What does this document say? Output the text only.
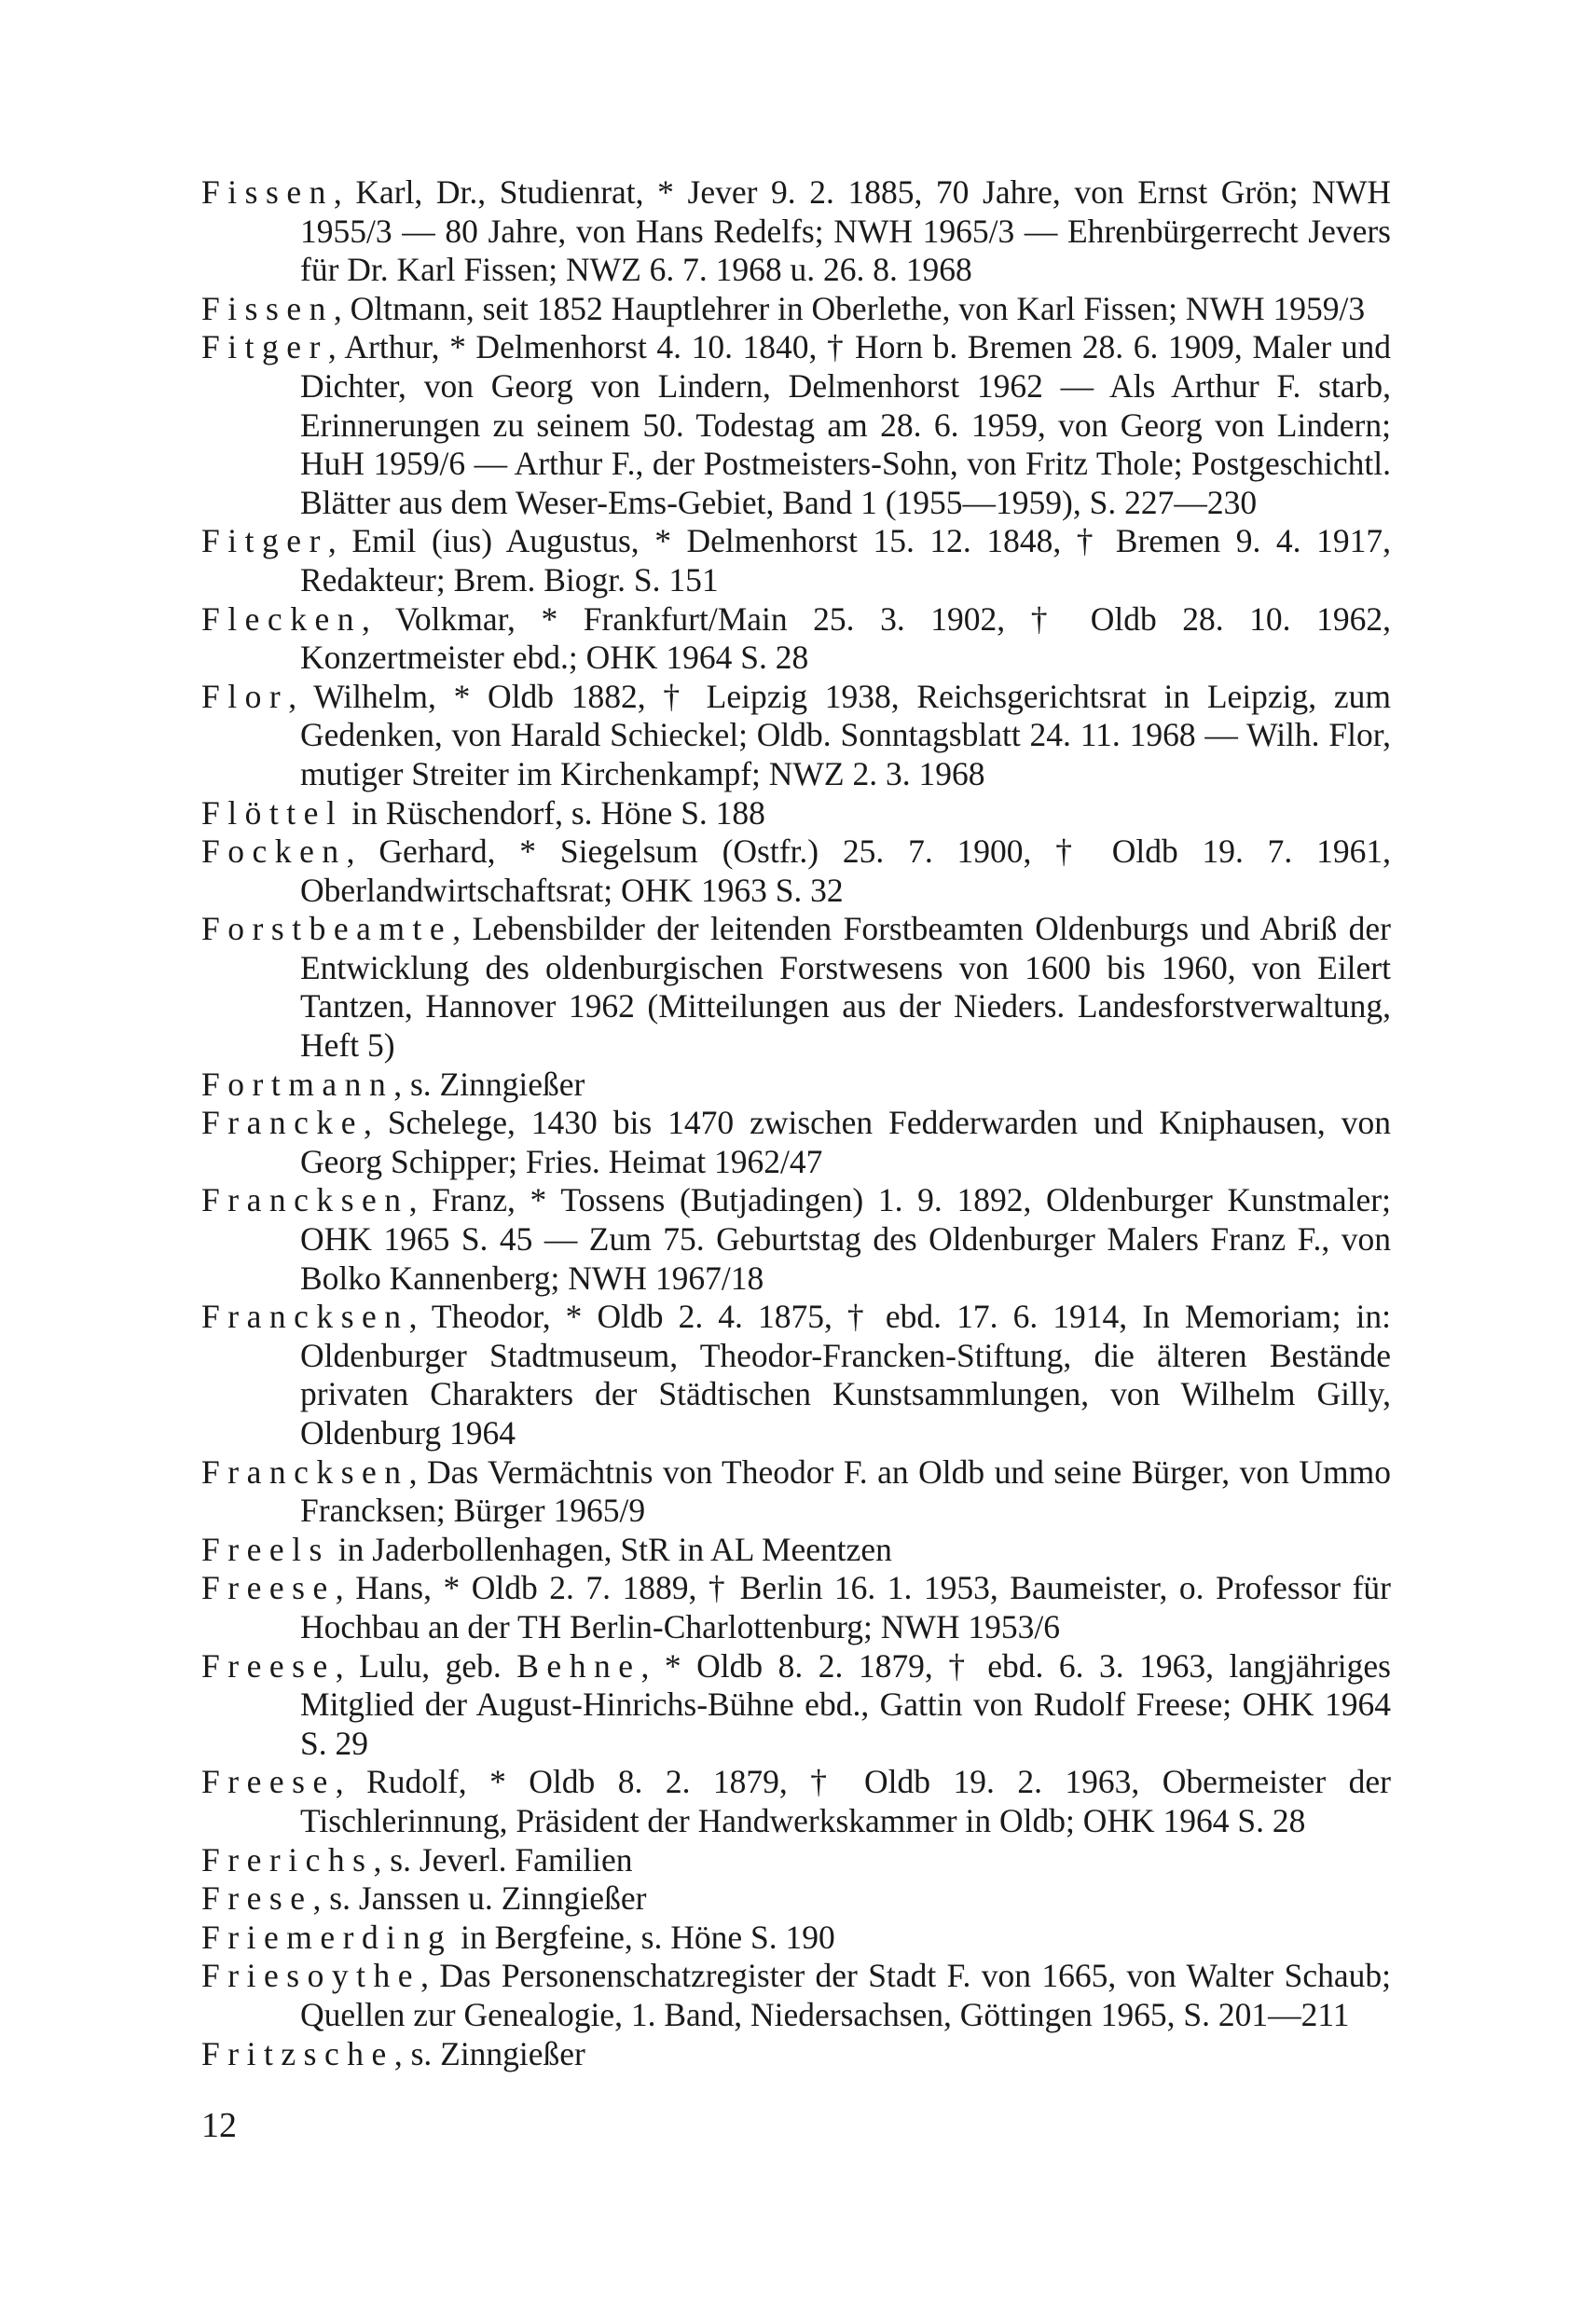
Fissen, Karl, Dr., Studienrat, * Jever 9. 2. 1885, 70 Jahre, von Ernst Grön; NWH 1955/3 — 80 Jahre, von Hans Redelfs; NWH 1965/3 — Ehrenbürgerrecht Jevers für Dr. Karl Fissen; NWZ 6. 7. 1968 u. 26. 8. 1968

Fissen, Oltmann, seit 1852 Hauptlehrer in Oberlethe, von Karl Fissen; NWH 1959/3

Fitger, Arthur, * Delmenhorst 4. 10. 1840, † Horn b. Bremen 28. 6. 1909, Maler und Dichter, von Georg von Lindern, Delmenhorst 1962 — Als Arthur F. starb, Erinnerungen zu seinem 50. Todestag am 28. 6. 1959, von Georg von Lindern; HuH 1959/6 — Arthur F., der Postmeisters-Sohn, von Fritz Thole; Postgeschichtl. Blätter aus dem Weser-Ems-Gebiet, Band 1 (1955—1959), S. 227—230

Fitger, Emil (ius) Augustus, * Delmenhorst 15. 12. 1848, † Bremen 9. 4. 1917, Redakteur; Brem. Biogr. S. 151

Flecken, Volkmar, * Frankfurt/Main 25. 3. 1902, † Oldb 28. 10. 1962, Konzertmeister ebd.; OHK 1964 S. 28

Flor, Wilhelm, * Oldb 1882, † Leipzig 1938, Reichsgerichtsrat in Leipzig, zum Gedenken, von Harald Schieckel; Oldb. Sonntagsblatt 24. 11. 1968 — Wilh. Flor, mutiger Streiter im Kirchenkampf; NWZ 2. 3. 1968

Flöttel in Rüschendorf, s. Höne S. 188

Focken, Gerhard, * Siegelsum (Ostfr.) 25. 7. 1900, † Oldb 19. 7. 1961, Oberlandwirtschaftsrat; OHK 1963 S. 32

Forstbeamte, Lebensbilder der leitenden Forstbeamten Oldenburgs und Abriß der Entwicklung des oldenburgischen Forstwesens von 1600 bis 1960, von Eilert Tantzen, Hannover 1962 (Mitteilungen aus der Nieders. Landesforstverwaltung, Heft 5)

Fortmann, s. Zinngießer

Francke, Schelege, 1430 bis 1470 zwischen Fedderwarden und Kniphausen, von Georg Schipper; Fries. Heimat 1962/47

Francksen, Franz, * Tossens (Butjadingen) 1. 9. 1892, Oldenburger Kunstmaler; OHK 1965 S. 45 — Zum 75. Geburtstag des Oldenburger Malers Franz F., von Bolko Kannenberg; NWH 1967/18

Francksen, Theodor, * Oldb 2. 4. 1875, † ebd. 17. 6. 1914, In Memoriam; in: Oldenburger Stadtmuseum, Theodor-Francken-Stiftung, die älteren Bestände privaten Charakters der Städtischen Kunstsammlungen, von Wilhelm Gilly, Oldenburg 1964

Francksen, Das Vermächtnis von Theodor F. an Oldb und seine Bürger, von Ummo Francksen; Bürger 1965/9

Freels in Jaderbollenhagen, StR in AL Meentzen

Freese, Hans, * Oldb 2. 7. 1889, † Berlin 16. 1. 1953, Baumeister, o. Professor für Hochbau an der TH Berlin-Charlottenburg; NWH 1953/6

Freese, Lulu, geb. Behne, * Oldb 8. 2. 1879, † ebd. 6. 3. 1963, langjähriges Mitglied der August-Hinrichs-Bühne ebd., Gattin von Rudolf Freese; OHK 1964 S. 29

Freese, Rudolf, * Oldb 8. 2. 1879, † Oldb 19. 2. 1963, Obermeister der Tischlerinnung, Präsident der Handwerkskammer in Oldb; OHK 1964 S. 28

Frerichs, s. Jeverl. Familien

Frese, s. Janssen u. Zinngießer

Friemerding in Bergfeine, s. Höne S. 190

Friesoythe, Das Personenschatzregister der Stadt F. von 1665, von Walter Schaub; Quellen zur Genealogie, 1. Band, Niedersachsen, Göttingen 1965, S. 201—211

Fritzsche, s. Zinngießer

12
